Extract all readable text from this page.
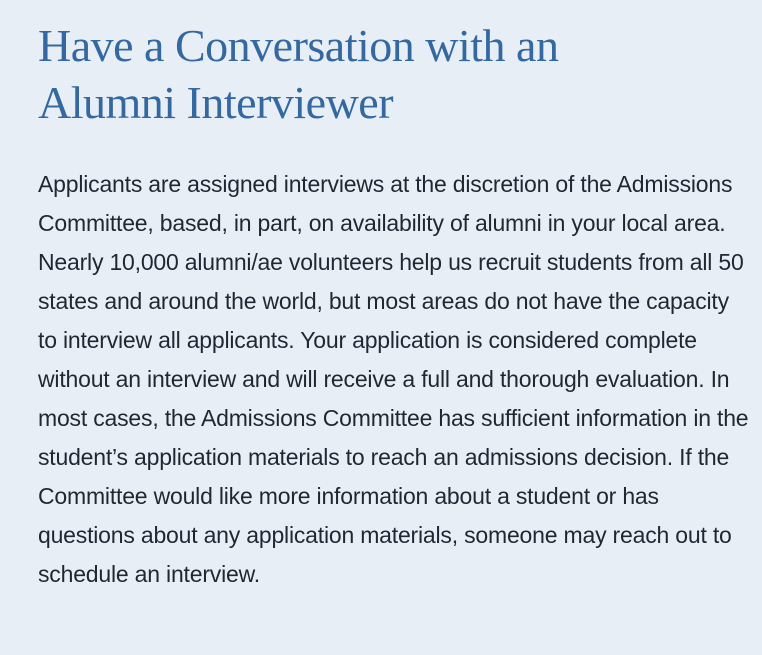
Have a Conversation with an Alumni Interviewer

Applicants are assigned interviews at the discretion of the Admissions Committee, based, in part, on availability of alumni in your local area. Nearly 10,000 alumni/ae volunteers help us recruit students from all 50 states and around the world, but most areas do not have the capacity to interview all applicants. Your application is considered complete without an interview and will receive a full and thorough evaluation. In most cases, the Admissions Committee has sufficient information in the student’s application materials to reach an admissions decision. If the Committee would like more information about a student or has questions about any application materials, someone may reach out to schedule an interview.
